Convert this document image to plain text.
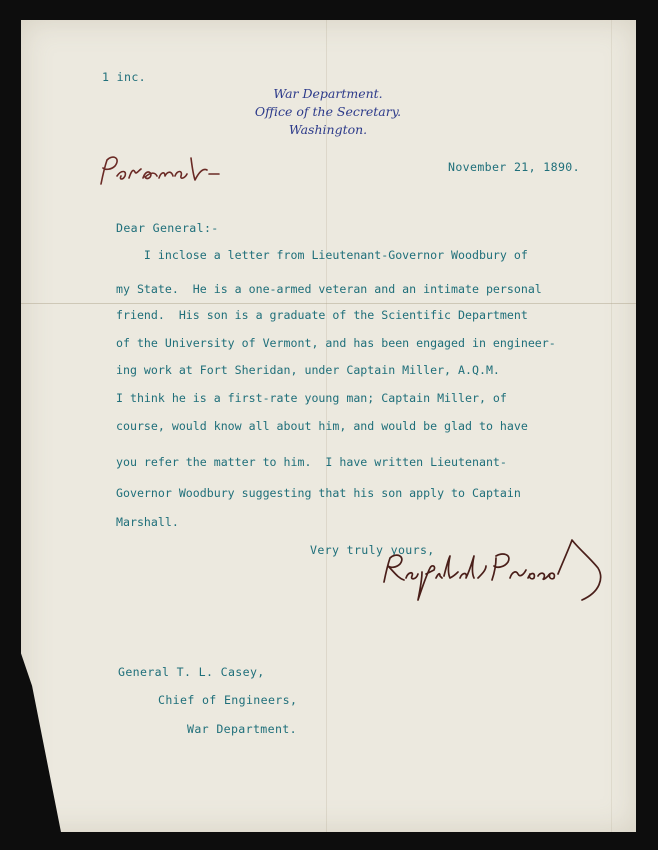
1 inc.
War Department.
Office of the Secretary.
Washington.
November 21, 1890.
Dear General:-
I inclose a letter from Lieutenant-Governor Woodbury of
my State.  He is a one-armed veteran and an intimate personal
friend.  His son is a graduate of the Scientific Department
of the University of Vermont, and has been engaged in engineer-
ing work at Fort Sheridan, under Captain Miller, A.Q.M.
I think he is a first-rate young man; Captain Miller, of
course, would know all about him, and would be glad to have
you refer the matter to him.  I have written Lieutenant-
Governor Woodbury suggesting that his son apply to Captain
Marshall.
Very truly yours,
General T. L. Casey,
Chief of Engineers,
War Department.
